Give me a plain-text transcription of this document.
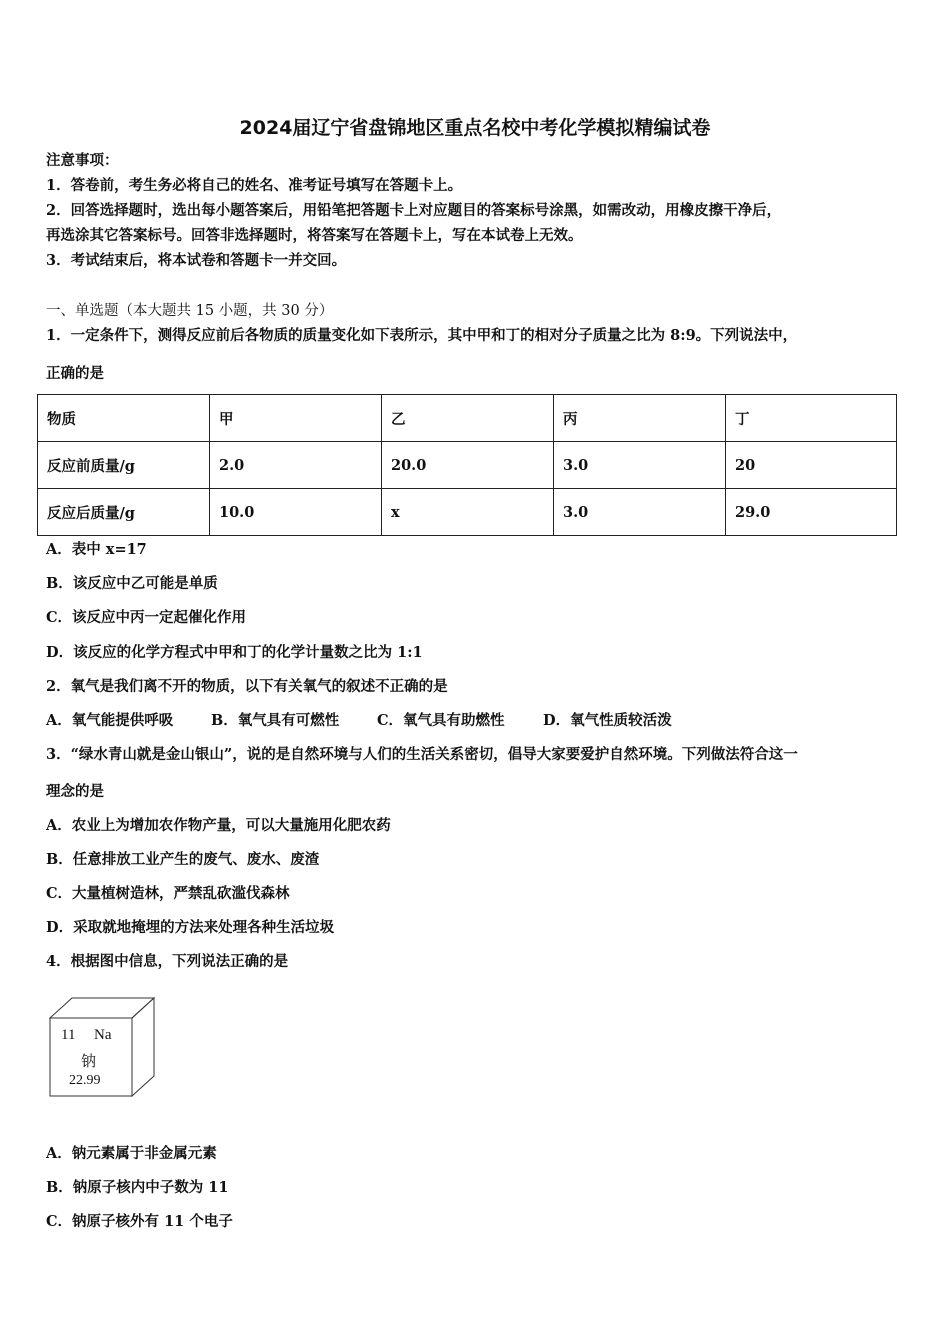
2024届辽宁省盘锦地区重点名校中考化学模拟精编试卷
注意事项：
1．答卷前，考生务必将自己的姓名、准考证号填写在答题卡上。
2．回答选择题时，选出每小题答案后，用铅笔把答题卡上对应题目的答案标号涂黑，如需改动，用橡皮擦干净后，
再选涂其它答案标号。回答非选择题时，将答案写在答题卡上，写在本试卷上无效。
3．考试结束后，将本试卷和答题卡一并交回。
一、单选题（本大题共 15 小题，共 30 分）
1．一定条件下，测得反应前后各物质的质量变化如下表所示，其中甲和丁的相对分子质量之比为 8:9。下列说法中，
正确的是
物质	甲	乙	丙	丁
反应前质量/g	2.0	20.0	3.0	20
反应后质量/g	10.0	x	3.0	29.0
A．表中 x=17
B．该反应中乙可能是单质
C．该反应中丙一定起催化作用
D．该反应的化学方程式中甲和丁的化学计量数之比为 1:1
2．氧气是我们离不开的物质，以下有关氧气的叙述不正确的是
A．氧气能提供呼吸	B．氧气具有可燃性	C．氧气具有助燃性	D．氧气性质较活泼
3．“绿水青山就是金山银山”，说的是自然环境与人们的生活关系密切，倡导大家要爱护自然环境。下列做法符合这一
理念的是
A．农业上为增加农作物产量，可以大量施用化肥农药
B．任意排放工业产生的废气、废水、废渣
C．大量植树造林，严禁乱砍滥伐森林
D．采取就地掩埋的方法来处理各种生活垃圾
4．根据图中信息，下列说法正确的是
11 Na
钠
22.99
A．钠元素属于非金属元素
B．钠原子核内中子数为 11
C．钠原子核外有 11 个电子
